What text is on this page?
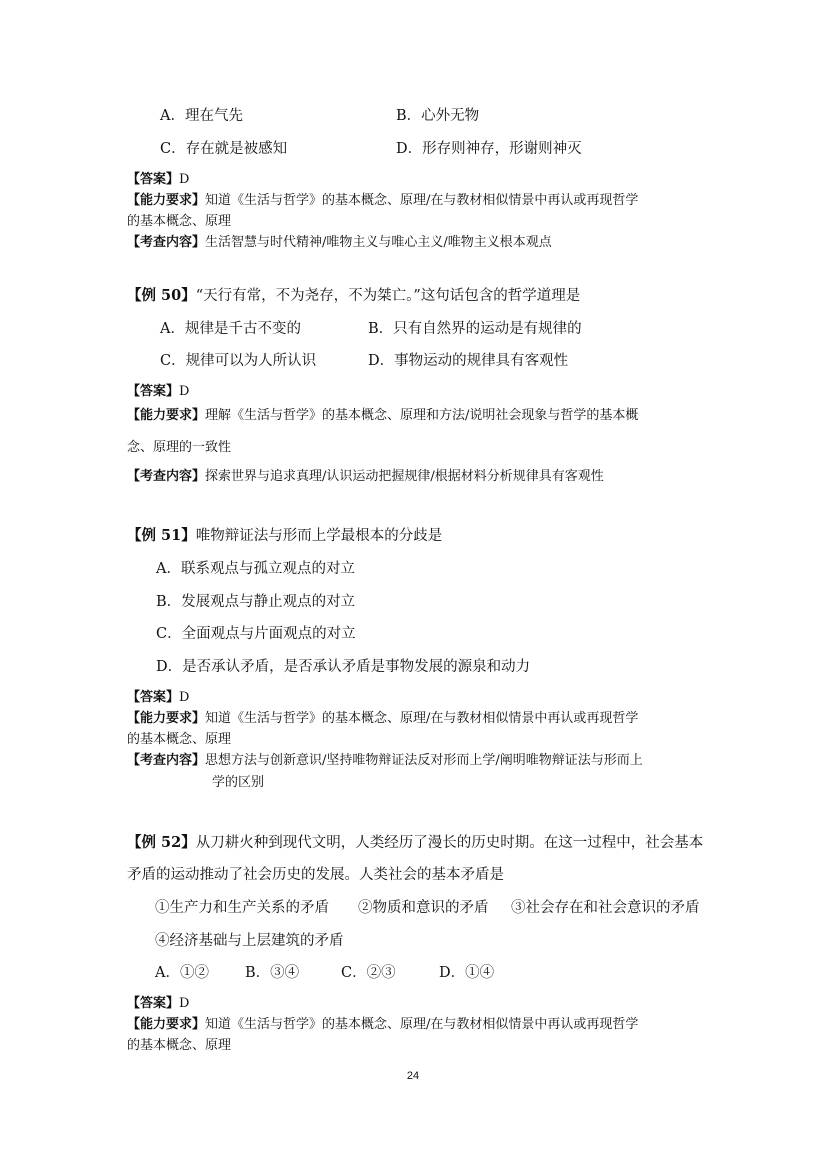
A．理在气先	B．心外无物
C．存在就是被感知	D．形存则神存，形谢则神灭
【答案】D
【能力要求】知道《生活与哲学》的基本概念、原理/在与教材相似情景中再认或再现哲学
的基本概念、原理
【考查内容】生活智慧与时代精神/唯物主义与唯心主义/唯物主义根本观点
【例 50】“天行有常，不为尧存，不为桀亡。”这句话包含的哲学道理是
A．规律是千古不变的	B．只有自然界的运动是有规律的
C．规律可以为人所认识	D．事物运动的规律具有客观性
【答案】D
【能力要求】理解《生活与哲学》的基本概念、原理和方法/说明社会现象与哲学的基本概
念、原理的一致性
【考查内容】探索世界与追求真理/认识运动把握规律/根据材料分析规律具有客观性
【例 51】唯物辩证法与形而上学最根本的分歧是
A．联系观点与孤立观点的对立
B．发展观点与静止观点的对立
C．全面观点与片面观点的对立
D．是否承认矛盾，是否承认矛盾是事物发展的源泉和动力
【答案】D
【能力要求】知道《生活与哲学》的基本概念、原理/在与教材相似情景中再认或再现哲学
的基本概念、原理
【考查内容】思想方法与创新意识/坚持唯物辩证法反对形而上学/阐明唯物辩证法与形而上
学的区别
【例 52】从刀耕火种到现代文明，人类经历了漫长的历史时期。在这一过程中，社会基本
矛盾的运动推动了社会历史的发展。人类社会的基本矛盾是
①生产力和生产关系的矛盾 ②物质和意识的矛盾 ③社会存在和社会意识的矛盾
④经济基础与上层建筑的矛盾
A．①② B．③④	C．②③	D．①④
【答案】D
【能力要求】知道《生活与哲学》的基本概念、原理/在与教材相似情景中再认或再现哲学
的基本概念、原理
24
